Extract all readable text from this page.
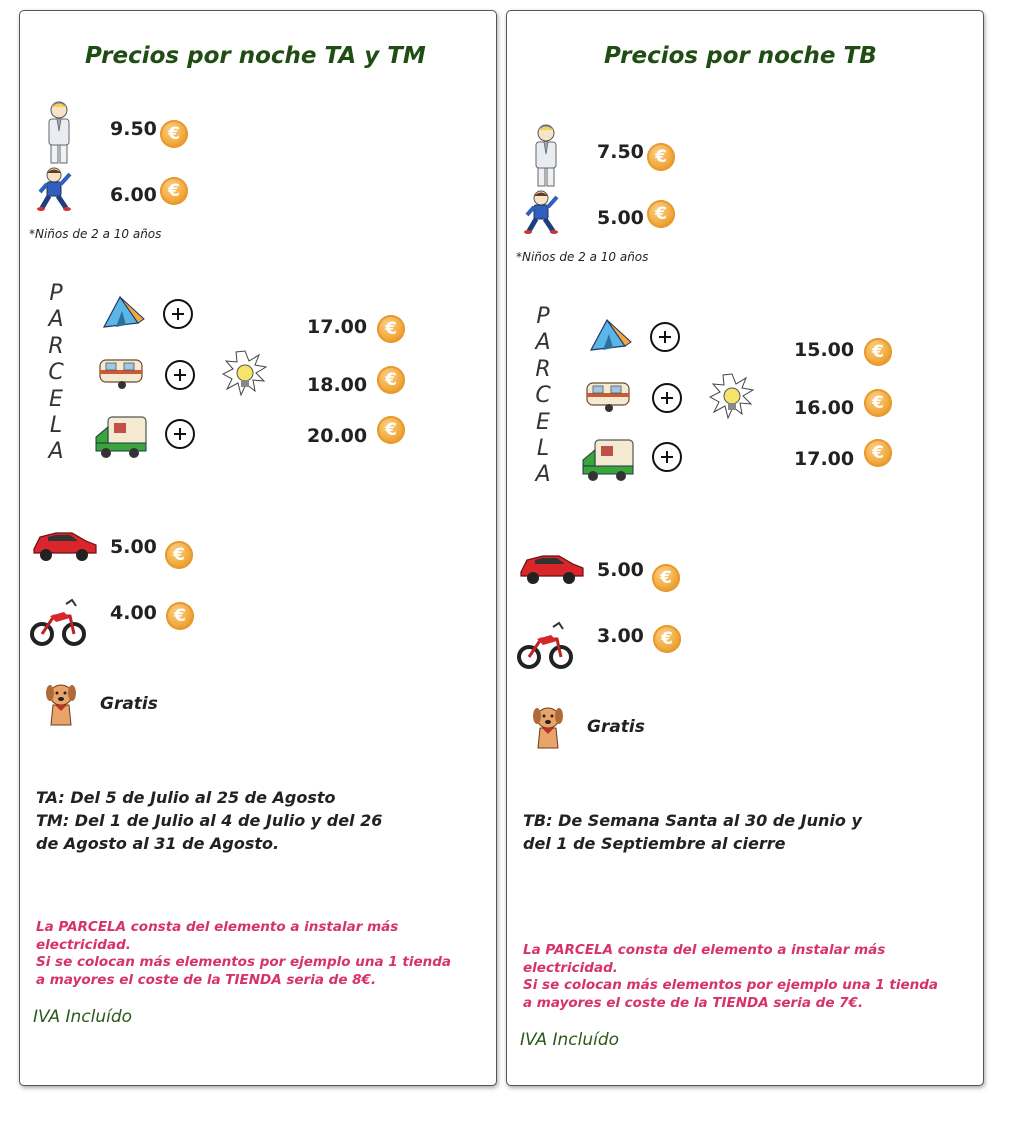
Precios por noche TA y TM
9.50 €
6.00 €
*Niños de 2 a 10 años
P
A
R
C
E
L
A
17.00	€
18.00	€
20.00	€
5.00 €
4.00	€
Gratis
TA: Del 5 de Julio al 25 de Agosto
TM: Del 1 de Julio al 4 de Julio y del 26
de Agosto al 31 de Agosto.
La PARCELA consta del elemento a instalar más electricidad.
Si se colocan más elementos por ejemplo una 1 tienda a mayores el coste de la TIENDA seria de 8€.
IVA Incluído
Precios por noche TB
7.50 €
5.00 €
*Niños de 2 a 10 años
P
A
R
C
E
L
A
15.00	€
16.00	€
17.00	€
5.00 €
3.00	€
Gratis
TB: De Semana Santa al 30 de Junio y
del 1 de Septiembre al cierre
La PARCELA consta del elemento a instalar más electricidad.
Si se colocan más elementos por ejemplo una 1 tienda a mayores el coste de la TIENDA seria de 7€.
IVA Incluído
